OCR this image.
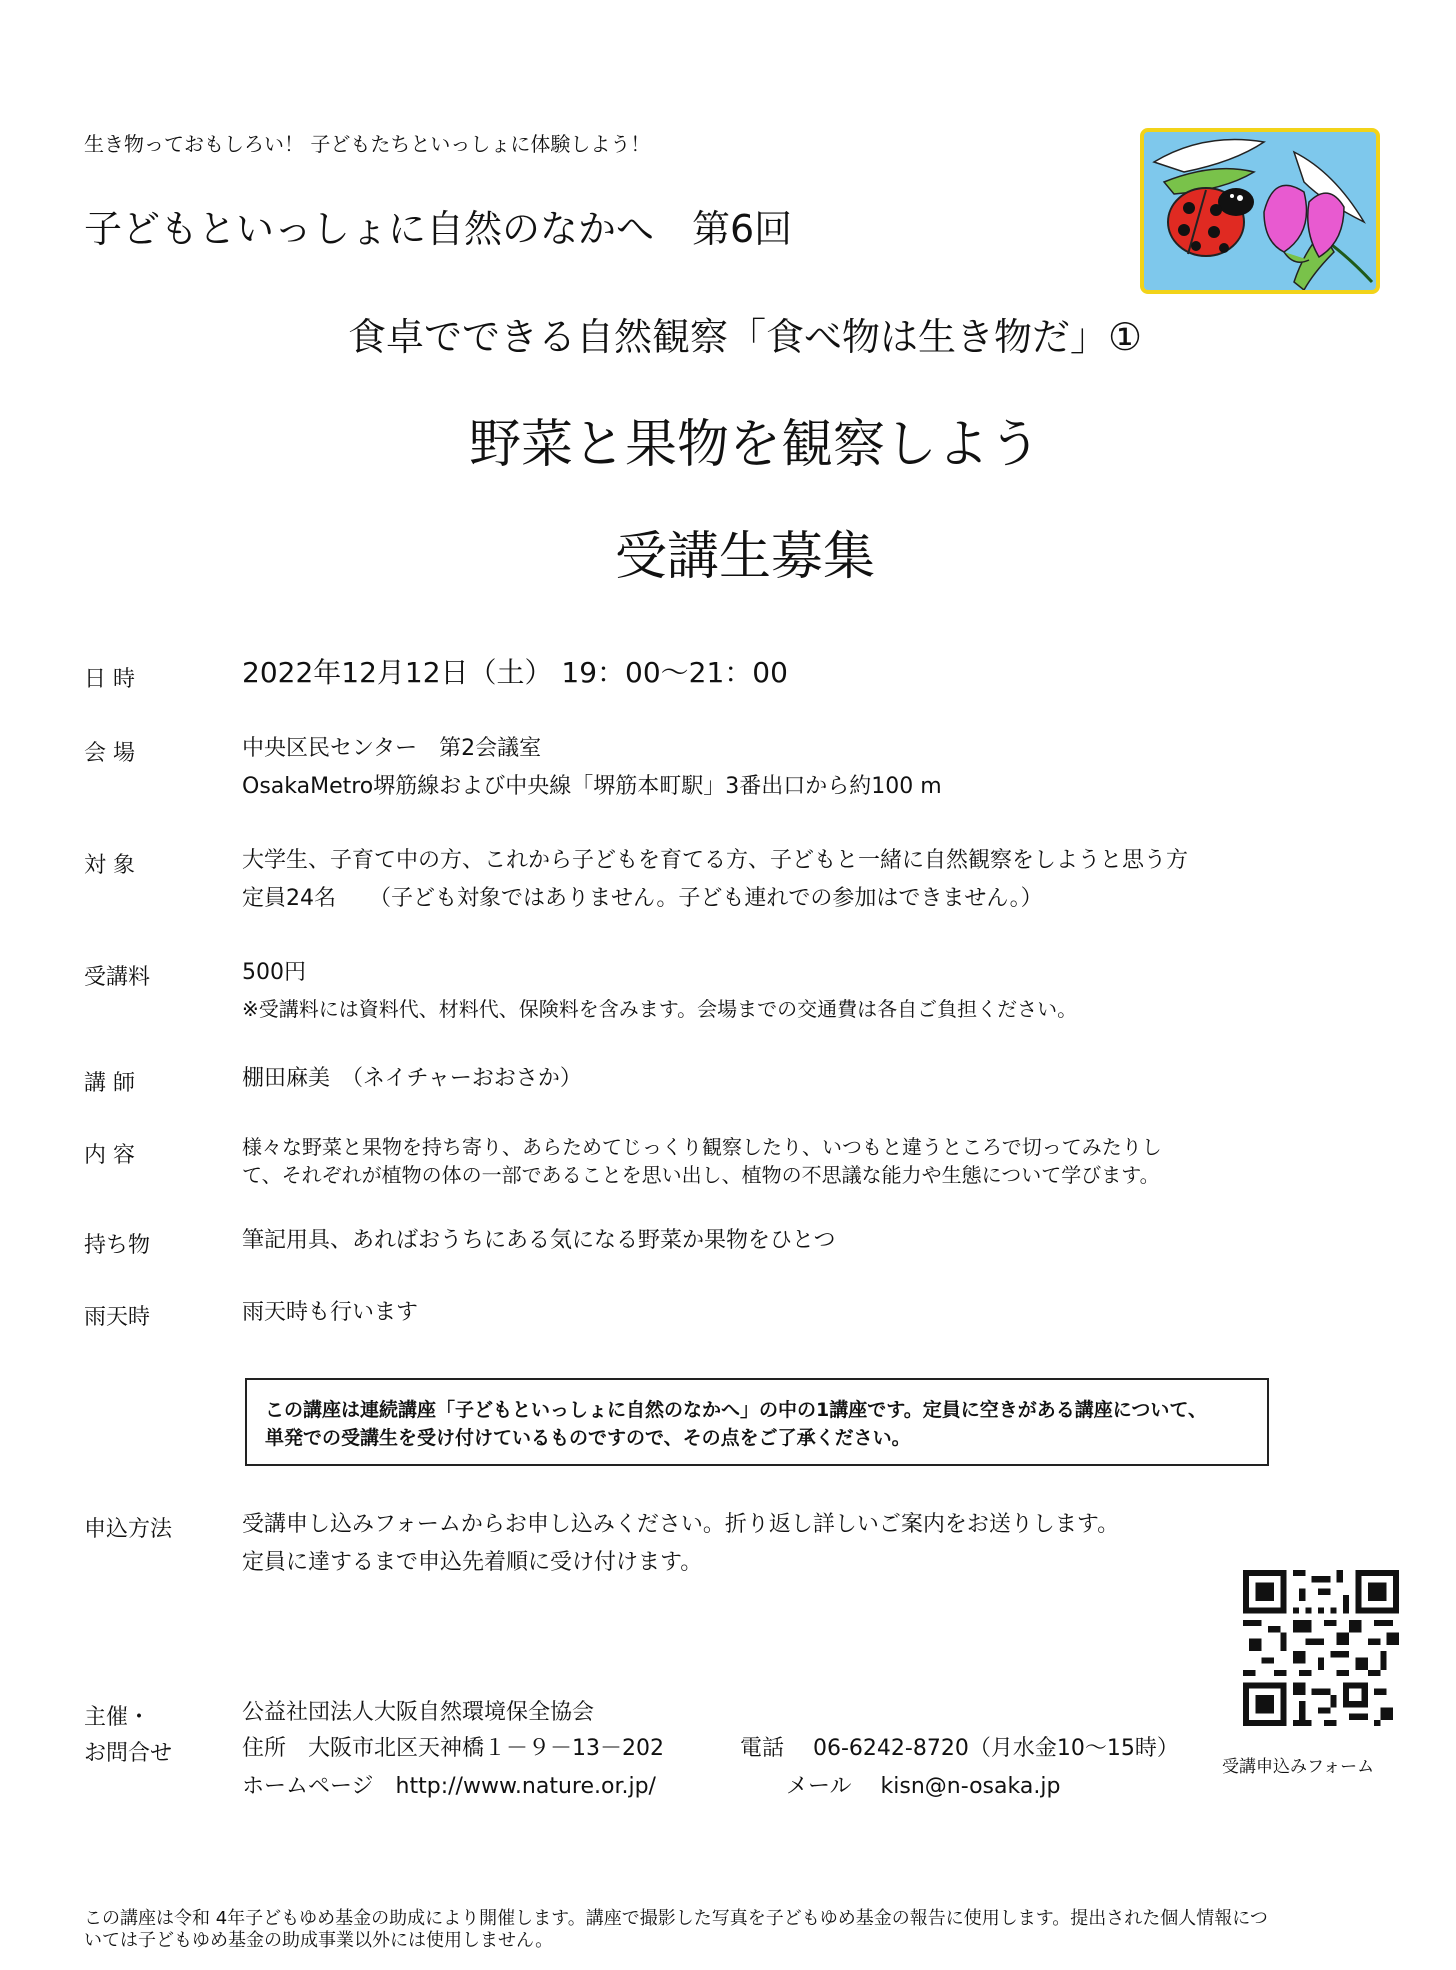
生き物っておもしろい！ 子どもたちといっしょに体験しよう！
子どもといっしょに自然のなかへ　第6回
食卓でできる自然観察「食べ物は生き物だ」①
野菜と果物を観察しよう
受講生募集
日 時	2022年12月12日（土） 19：00～21：00
会 場	中央区民センター　第2会議室
OsakaMetro堺筋線および中央線「堺筋本町駅」3番出口から約100 m
対 象	大学生、子育て中の方、これから子どもを育てる方、子どもと一緒に自然観察をしようと思う方
定員24名　　（子ども対象ではありません。子ども連れでの参加はできません。）
受講料	500円
※受講料には資料代、材料代、保険料を含みます。会場までの交通費は各自ご負担ください。
講 師	棚田麻美　（ネイチャーおおさか）
内 容	様々な野菜と果物を持ち寄り、あらためてじっくり観察したり、いつもと違うところで切ってみたりし
て、それぞれが植物の体の一部であることを思い出し、植物の不思議な能力や生態について学びます。
持ち物	筆記用具、あればおうちにある気になる野菜か果物をひとつ
雨天時	雨天時も行います
この講座は連続講座「子どもといっしょに自然のなかへ」の中の1講座です。定員に空きがある講座について、
単発での受講生を受け付けているものですので、その点をご了承ください。
申込方法	受講申し込みフォームからお申し込みください。折り返し詳しいご案内をお送りします。
定員に達するまで申込先着順に受け付けます。
受講申込みフォーム
主催・
お問合せ
公益社団法人大阪自然環境保全協会
住所　大阪市北区天神橋１－９－13－202	電話　 06-6242-8720（月水金10～15時）
ホームページ　http://www.nature.or.jp/	メール　 kisn@n-osaka.jp
この講座は令和 4年子どもゆめ基金の助成により開催します。講座で撮影した写真を子どもゆめ基金の報告に使用します。提出された個人情報につ
いては子どもゆめ基金の助成事業以外には使用しません。
